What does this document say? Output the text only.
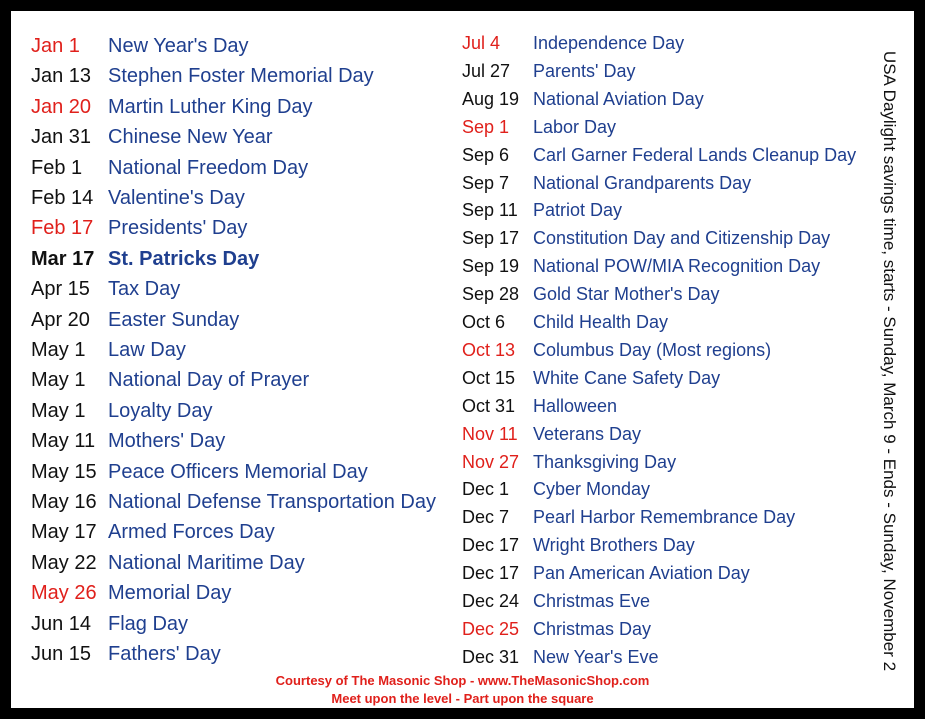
Jan 1 New Year's Day
Jan 13 Stephen Foster Memorial Day
Jan 20 Martin Luther King Day
Jan 31 Chinese New Year
Feb 1 National Freedom Day
Feb 14 Valentine's Day
Feb 17 Presidents' Day
Mar 17 St. Patricks Day
Apr 15 Tax Day
Apr 20 Easter Sunday
May 1 Law Day
May 1 National Day of Prayer
May 1 Loyalty Day
May 11 Mothers' Day
May 15 Peace Officers Memorial Day
May 16 National Defense Transportation Day
May 17 Armed Forces Day
May 22 National Maritime Day
May 26 Memorial Day
Jun 14 Flag Day
Jun 15 Fathers' Day
Jul 4 Independence Day
Jul 27 Parents' Day
Aug 19 National Aviation Day
Sep 1 Labor Day
Sep 6 Carl Garner Federal Lands Cleanup Day
Sep 7 National Grandparents Day
Sep 11 Patriot Day
Sep 17 Constitution Day and Citizenship Day
Sep 19 National POW/MIA Recognition Day
Sep 28 Gold Star Mother's Day
Oct 6 Child Health Day
Oct 13 Columbus Day (Most regions)
Oct 15 White Cane Safety Day
Oct 31 Halloween
Nov 11 Veterans Day
Nov 27 Thanksgiving Day
Dec 1 Cyber Monday
Dec 7 Pearl Harbor Remembrance Day
Dec 17 Wright Brothers Day
Dec 17 Pan American Aviation Day
Dec 24 Christmas Eve
Dec 25 Christmas Day
Dec 31 New Year's Eve	USA Daylight savings time, starts - Sunday, March 9 - Ends - Sunday, November 2
Courtesy of The Masonic Shop - www.TheMasonicShop.com
Meet upon the level - Part upon the square
